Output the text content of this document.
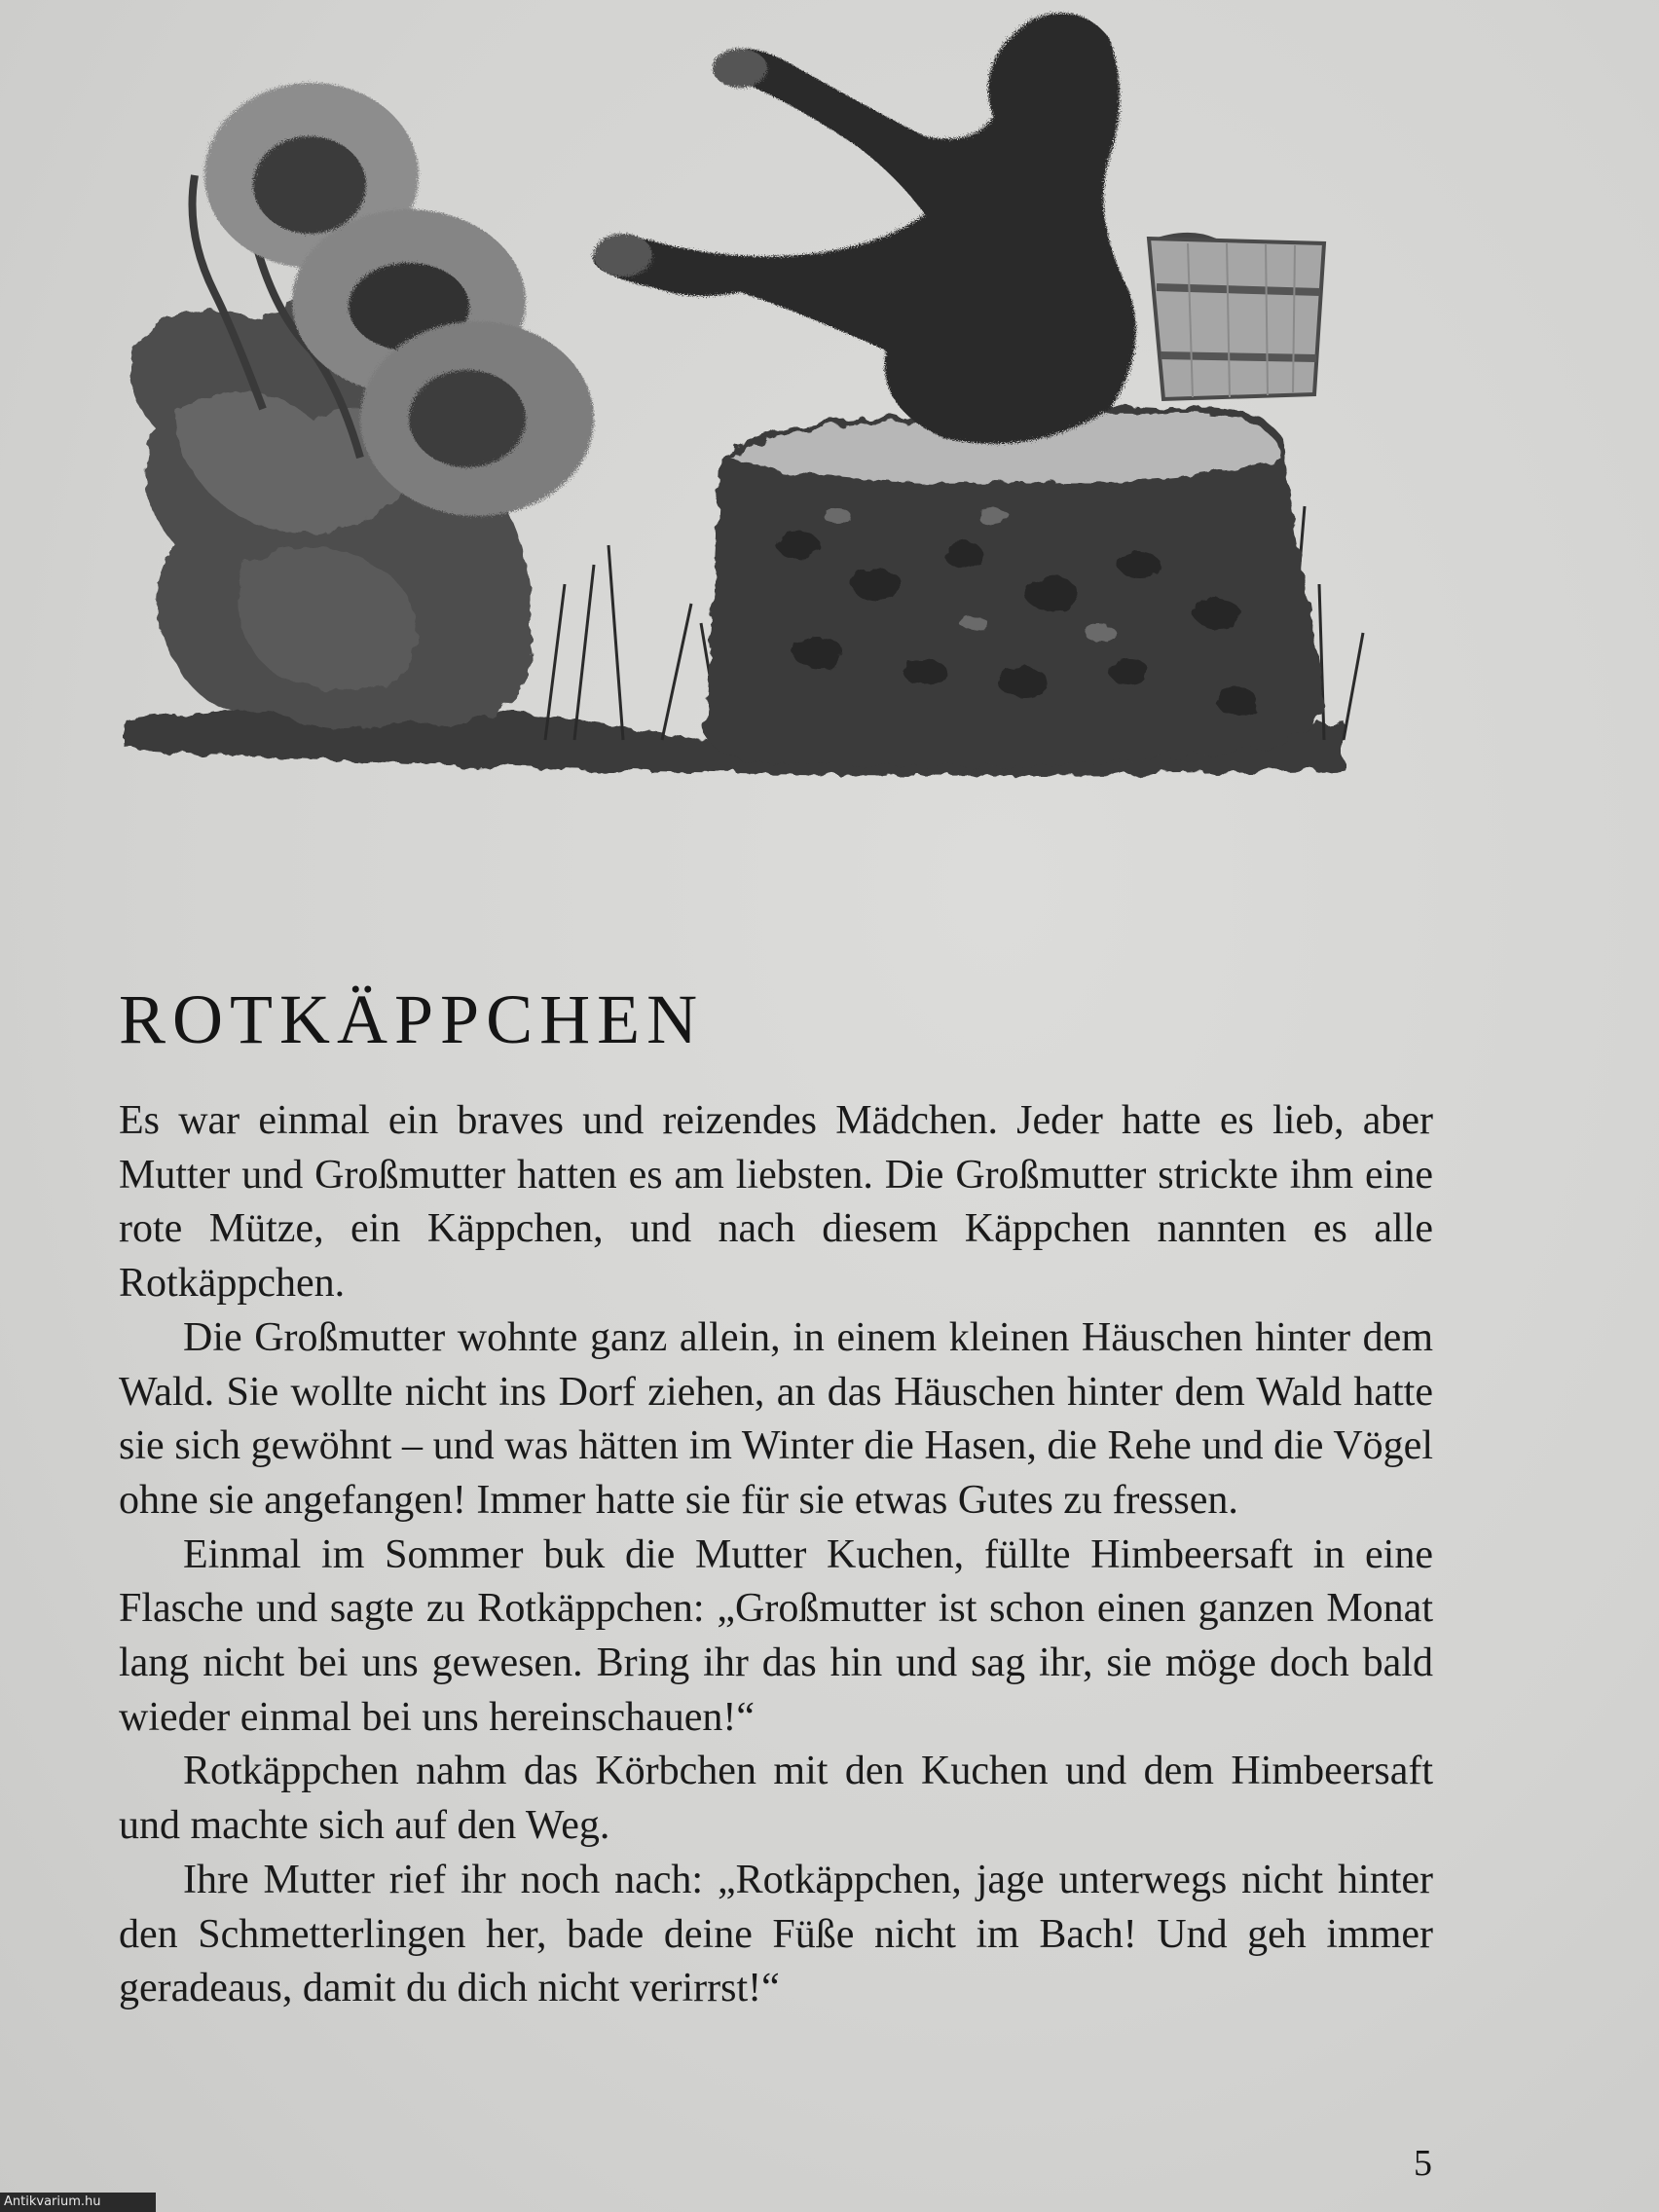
ROTKÄPPCHEN

Es war einmal ein braves und reizendes Mädchen. Jeder hatte es lieb, aber Mutter und Großmutter hatten es am liebsten. Die Großmutter strickte ihm eine rote Mütze, ein Käppchen, und nach diesem Käppchen nannten es alle Rotkäppchen.

Die Großmutter wohnte ganz allein, in einem kleinen Häuschen hinter dem Wald. Sie wollte nicht ins Dorf ziehen, an das Häuschen hinter dem Wald hatte sie sich gewöhnt – und was hätten im Winter die Hasen, die Rehe und die Vögel ohne sie angefangen! Immer hatte sie für sie etwas Gutes zu fressen.

Einmal im Sommer buk die Mutter Kuchen, füllte Himbeersaft in eine Flasche und sagte zu Rotkäppchen: „Großmutter ist schon einen ganzen Monat lang nicht bei uns gewesen. Bring ihr das hin und sag ihr, sie möge doch bald wieder einmal bei uns hereinschauen!“

Rotkäppchen nahm das Körbchen mit den Kuchen und dem Himbeersaft und machte sich auf den Weg.

Ihre Mutter rief ihr noch nach: „Rotkäppchen, jage unterwegs nicht hinter den Schmetterlingen her, bade deine Füße nicht im Bach! Und geh immer geradeaus, damit du dich nicht verirrst!“

5
Antikvarium.hu
